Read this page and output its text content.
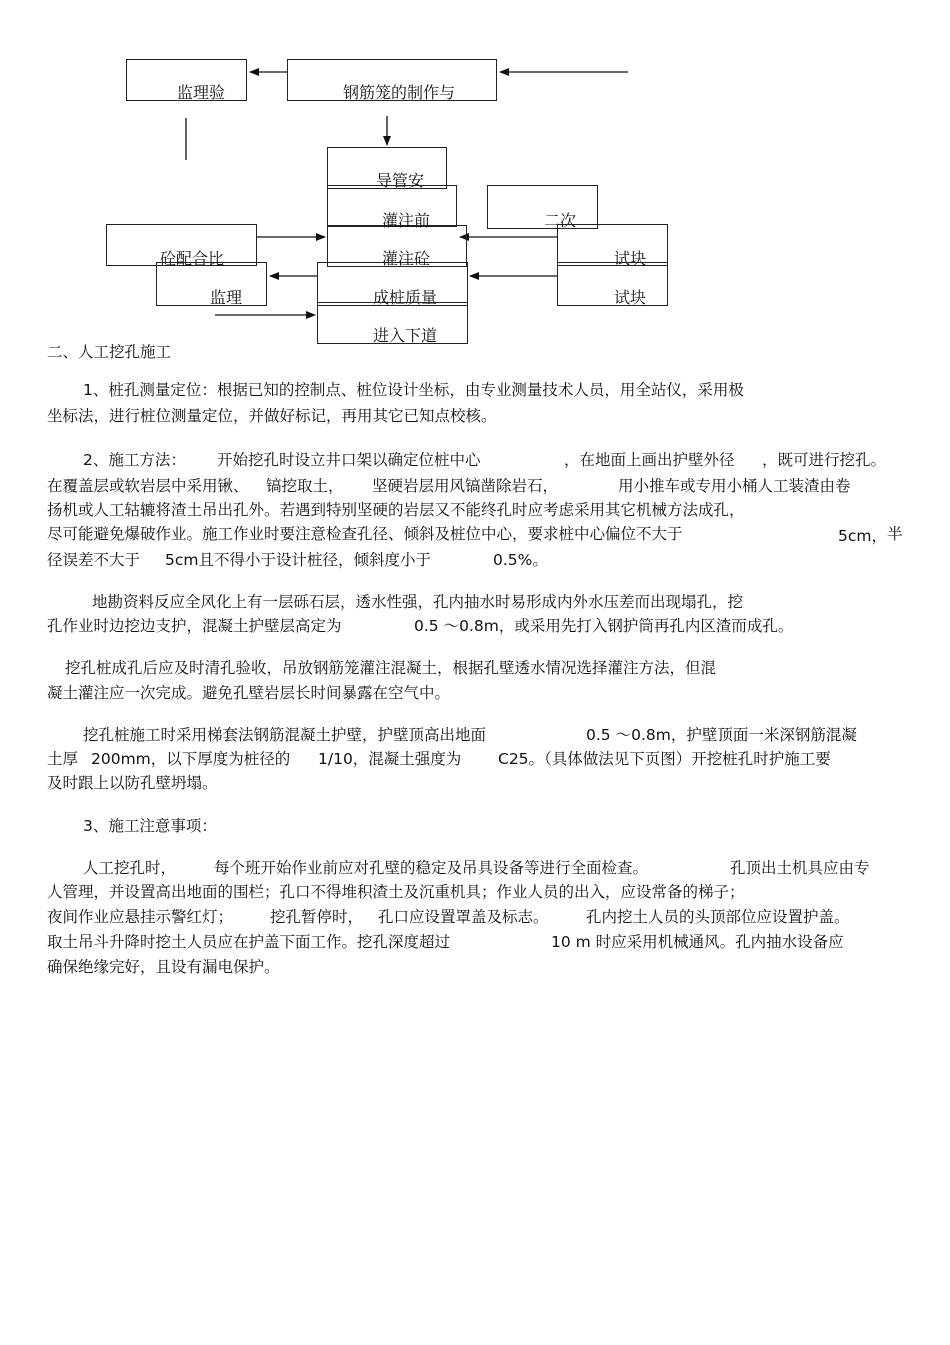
监理验	钢筋笼的制作与
导管安
灌注前	二次
砼配合比	灌注砼	试块
监理	成桩质量	试块
进入下道
二、人工挖孔施工
1、桩孔测量定位：根据已知的控制点、桩位设计坐标，由专业测量技术人员，用全站仪，采用极
坐标法，进行桩位测量定位，并做好标记，再用其它已知点校核。
2、施工方法： 开始挖孔时设立井口架以确定位桩中心	，在地面上画出护壁外径 ，既可进行挖孔。
在覆盖层或软岩层中采用锹、 镐挖取土， 坚硬岩层用风镐凿除岩石，	用小推车或专用小桶人工装渣由卷
扬机或人工轱辘将渣土吊出孔外。若遇到特别坚硬的岩层又不能终孔时应考虑采用其它机械方法成孔，
尽可能避免爆破作业。施工作业时要注意检查孔径、倾斜及桩位中心，要求桩中心偏位不大于	5cm， 半
径误差不大于 5cm且不得小于设计桩径，倾斜度小于	0.5%。
地勘资料反应全风化上有一层砾石层，透水性强，孔内抽水时易形成内外水压差而出现塌孔，挖
孔作业时边挖边支护，混凝土护壁层高定为	0.5 ～0.8m，或采用先打入钢护筒再孔内区渣而成孔。
挖孔桩成孔后应及时清孔验收，吊放钢筋笼灌注混凝土，根据孔壁透水情况选择灌注方法，但混
凝土灌注应一次完成。避免孔壁岩层长时间暴露在空气中。
挖孔桩施工时采用梯套法钢筋混凝土护壁，护壁顶高出地面	0.5 ～0.8m，护壁顶面一米深钢筋混凝
土厚 200mm，以下厚度为桩径的 1/10，混凝土强度为 C25。（具体做法见下页图）开挖桩孔时护施工要
及时跟上以防孔壁坍塌。
3、施工注意事项：
人工挖孔时， 每个班开始作业前应对孔壁的稳定及吊具设备等进行全面检查。	孔顶出土机具应由专
人管理，并设置高出地面的围栏；孔口不得堆积渣土及沉重机具；作业人员的出入，应设常备的梯子；
夜间作业应悬挂示警红灯； 挖孔暂停时， 孔口应设置罩盖及标志。 孔内挖土人员的头顶部位应设置护盖。
取土吊斗升降时挖土人员应在护盖下面工作。挖孔深度超过	10 m 时应采用机械通风。孔内抽水设备应
确保绝缘完好，且设有漏电保护。
